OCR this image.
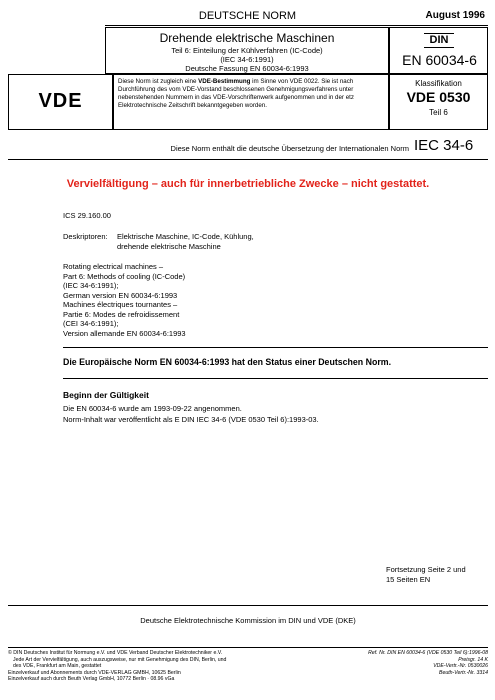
DEUTSCHE NORM	August 1996
Drehende elektrische Maschinen
Teil 6: Einteilung der Kühlverfahren (IC-Code)
(IEC 34-6:1991)
Deutsche Fassung EN 60034-6:1993
DIN
EN 60034-6
VDE
Diese Norm ist zugleich eine VDE-Bestimmung im Sinne von VDE 0022. Sie ist nach Durchführung des vom VDE-Vorstand beschlossenen Genehmigungsverfahrens unter nebenstehenden Nummern in das VDE-Vorschriftenwerk aufgenommen und in der etz Elektrotechnische Zeitschrift bekanntgegeben worden.
Klassifikation
VDE 0530
Teil 6
Diese Norm enthält die deutsche Übersetzung der Internationalen Norm IEC 34-6
Vervielfältigung – auch für innerbetriebliche Zwecke – nicht gestattet.
ICS 29.160.00
Deskriptoren: Elektrische Maschine, IC-Code, Kühlung,
drehende elektrische Maschine
Rotating electrical machines –
Part 6: Methods of cooling (IC-Code)
(IEC 34-6:1991);
German version EN 60034-6:1993
Machines électriques tournantes –
Partie 6: Modes de refroidissement
(CEI 34-6:1991);
Version allemande EN 60034-6:1993
Die Europäische Norm EN 60034-6:1993 hat den Status einer Deutschen Norm.
Beginn der Gültigkeit
Die EN 60034-6 wurde am 1993-09-22 angenommen.
Norm-Inhalt war veröffentlicht als E DIN IEC 34-6 (VDE 0530 Teil 6):1993-03.
Fortsetzung Seite 2 und
15 Seiten EN
Deutsche Elektrotechnische Kommission im DIN und VDE (DKE)
© DIN Deutsches Institut für Normung e.V. und VDE Verband Deutscher Elektrotechniker e.V.
Jede Art der Vervielfältigung, auch auszugsweise, nur mit Genehmigung des DIN, Berlin, und
des VDE, Frankfurt am Main, gestattet
Einzelverkauf und Abonnements durch VDE-VERLAG GMBH, 10625 Berlin
Einzelverkauf auch durch Beuth Verlag GmbH, 10772 Berlin · 08.96 vGa
Ref. Nr. DIN EN 60034-6 (VDE 0530 Teil 6):1996-08
Preisgr. 14 K
VDE-Vertr.-Nr. 0530026
Beuth-Vertr.-Nr. 3314
